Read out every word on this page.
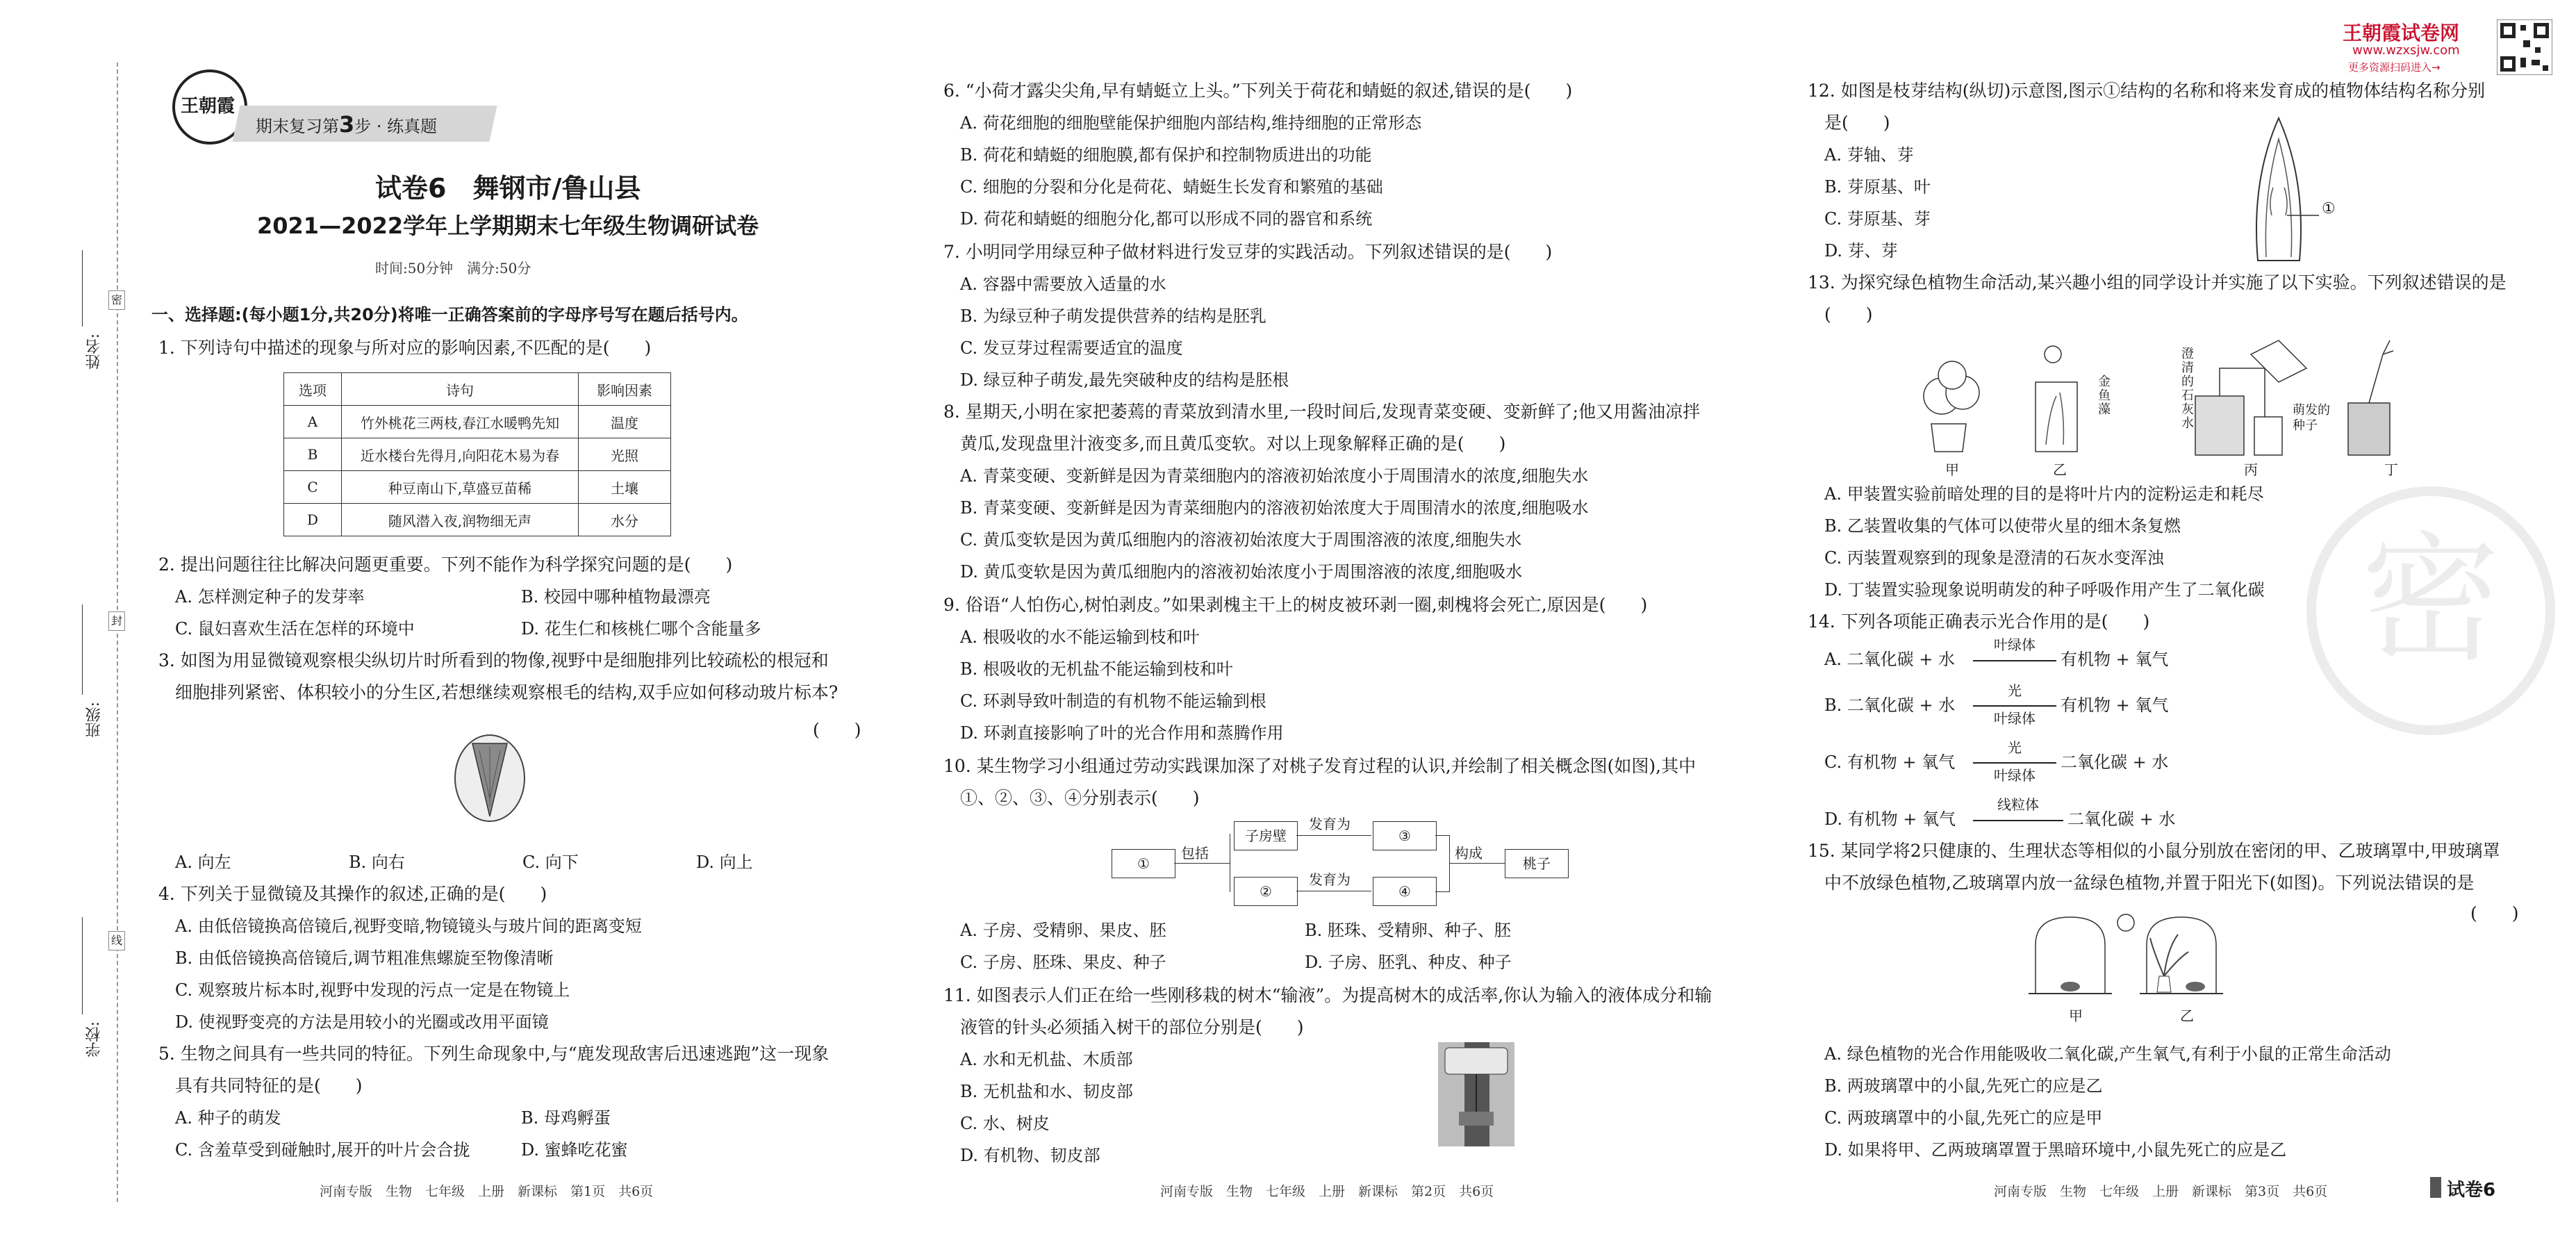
姓名:
班级:
学校:
密
封
线
王朝霞
期末复习第3步 · 练真题
试卷6　舞钢市/鲁山县
2021—2022学年上学期期末七年级生物调研试卷
时间:50分钟　满分:50分
一、选择题:(每小题1分,共20分)将唯一正确答案前的字母序号写在题后括号内。
1. 下列诗句中描述的现象与所对应的影响因素,不匹配的是(　　)
选项	诗句	影响因素
A	竹外桃花三两枝,春江水暖鸭先知	温度
B	近水楼台先得月,向阳花木易为春	光照
C	种豆南山下,草盛豆苗稀	土壤
D	随风潜入夜,润物细无声	水分
2. 提出问题往往比解决问题更重要。下列不能作为科学探究问题的是(　　)
A. 怎样测定种子的发芽率	B. 校园中哪种植物最漂亮
C. 鼠妇喜欢生活在怎样的环境中	D. 花生仁和核桃仁哪个含能量多
3. 如图为用显微镜观察根尖纵切片时所看到的物像,视野中是细胞排列比较疏松的根冠和
细胞排列紧密、体积较小的分生区,若想继续观察根毛的结构,双手应如何移动玻片标本?
(　　)
A. 向左	B. 向右	C. 向下	D. 向上
4. 下列关于显微镜及其操作的叙述,正确的是(　　)
A. 由低倍镜换高倍镜后,视野变暗,物镜镜头与玻片间的距离变短
B. 由低倍镜换高倍镜后,调节粗准焦螺旋至物像清晰
C. 观察玻片标本时,视野中发现的污点一定是在物镜上
D. 使视野变亮的方法是用较小的光圈或改用平面镜
5. 生物之间具有一些共同的特征。下列生命现象中,与“鹿发现敌害后迅速逃跑”这一现象
具有共同特征的是(　　)
A. 种子的萌发	B. 母鸡孵蛋
C. 含羞草受到碰触时,展开的叶片会合拢	D. 蜜蜂吃花蜜
河南专版　生物　七年级　上册　新课标　第1页　共6页
6. “小荷才露尖尖角,早有蜻蜓立上头。”下列关于荷花和蜻蜓的叙述,错误的是(　　)
A. 荷花细胞的细胞壁能保护细胞内部结构,维持细胞的正常形态
B. 荷花和蜻蜓的细胞膜,都有保护和控制物质进出的功能
C. 细胞的分裂和分化是荷花、蜻蜓生长发育和繁殖的基础
D. 荷花和蜻蜓的细胞分化,都可以形成不同的器官和系统
7. 小明同学用绿豆种子做材料进行发豆芽的实践活动。下列叙述错误的是(　　)
A. 容器中需要放入适量的水
B. 为绿豆种子萌发提供营养的结构是胚乳
C. 发豆芽过程需要适宜的温度
D. 绿豆种子萌发,最先突破种皮的结构是胚根
8. 星期天,小明在家把萎蔫的青菜放到清水里,一段时间后,发现青菜变硬、变新鲜了;他又用酱油凉拌
黄瓜,发现盘里汁液变多,而且黄瓜变软。对以上现象解释正确的是(　　)
A. 青菜变硬、变新鲜是因为青菜细胞内的溶液初始浓度小于周围清水的浓度,细胞失水
B. 青菜变硬、变新鲜是因为青菜细胞内的溶液初始浓度大于周围清水的浓度,细胞吸水
C. 黄瓜变软是因为黄瓜细胞内的溶液初始浓度大于周围溶液的浓度,细胞失水
D. 黄瓜变软是因为黄瓜细胞内的溶液初始浓度小于周围溶液的浓度,细胞吸水
9. 俗语“人怕伤心,树怕剥皮。”如果剥槐主干上的树皮被环剥一圈,刺槐将会死亡,原因是(　　)
A. 根吸收的水不能运输到枝和叶
B. 根吸收的无机盐不能运输到枝和叶
C. 环剥导致叶制造的有机物不能运输到根
D. 环剥直接影响了叶的光合作用和蒸腾作用
10. 某生物学习小组通过劳动实践课加深了对桃子发育过程的认识,并绘制了相关概念图(如图),其中
①、②、③、④分别表示(　　)
①
包括
子房壁
②
发育为
发育为
③
④
构成
桃子
A. 子房、受精卵、果皮、胚	B. 胚珠、受精卵、种子、胚
C. 子房、胚珠、果皮、种子	D. 子房、胚乳、种皮、种子
11. 如图表示人们正在给一些刚移栽的树木“输液”。为提高树木的成活率,你认为输入的液体成分和输
液管的针头必须插入树干的部位分别是(　　)
A. 水和无机盐、木质部
B. 无机盐和水、韧皮部
C. 水、树皮
D. 有机物、韧皮部
河南专版　生物　七年级　上册　新课标　第2页　共6页
12. 如图是枝芽结构(纵切)示意图,图示①结构的名称和将来发育成的植物体结构名称分别
是(　　)
A. 芽轴、芽
B. 芽原基、叶
C. 芽原基、芽
D. 芽、芽
①
13. 为探究绿色植物生命活动,某兴趣小组的同学设计并实施了以下实验。下列叙述错误的是
(　　)
甲	乙
金鱼藻
澄清的石灰水
丙
萌发的种子
丁
A. 甲装置实验前暗处理的目的是将叶片内的淀粉运走和耗尽
B. 乙装置收集的气体可以使带火星的细木条复燃
C. 丙装置观察到的现象是澄清的石灰水变浑浊
D. 丁装置实验现象说明萌发的种子呼吸作用产生了二氧化碳
14. 下列各项能正确表示光合作用的是(　　)
A. 二氧化碳 + 水
叶绿体
有机物 + 氧气
B. 二氧化碳 + 水
光
叶绿体
有机物 + 氧气
C. 有机物 + 氧气
光
叶绿体
二氧化碳 + 水
D. 有机物 + 氧气
线粒体
二氧化碳 + 水
15. 某同学将2只健康的、生理状态等相似的小鼠分别放在密闭的甲、乙玻璃罩中,甲玻璃罩
中不放绿色植物,乙玻璃罩内放一盆绿色植物,并置于阳光下(如图)。下列说法错误的是
(　　)
甲	乙
A. 绿色植物的光合作用能吸收二氧化碳,产生氧气,有利于小鼠的正常生命活动
B. 两玻璃罩中的小鼠,先死亡的应是乙
C. 两玻璃罩中的小鼠,先死亡的应是甲
D. 如果将甲、乙两玻璃罩置于黑暗环境中,小鼠先死亡的应是乙
河南专版　生物　七年级　上册　新课标　第3页　共6页	试卷6
密
王朝霞试卷网
www.wzxsjw.com
更多资源扫码进入→
